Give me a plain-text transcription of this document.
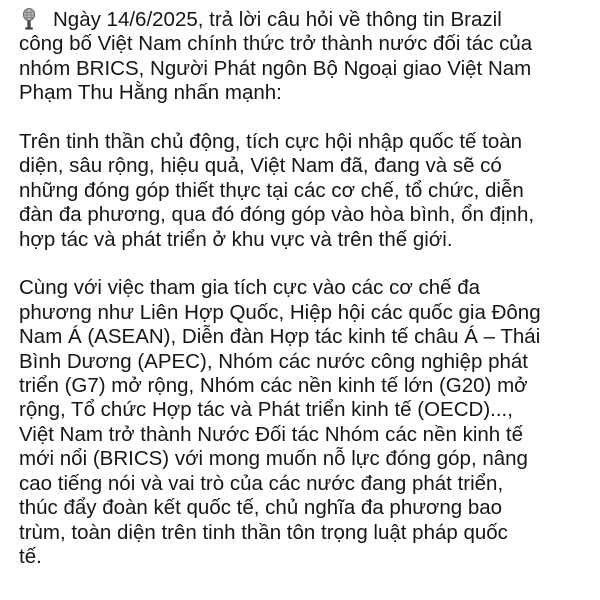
Ngày 14/6/2025, trả lời câu hỏi về thông tin Brazil
công bố Việt Nam chính thức trở thành nước đối tác của
nhóm BRICS, Người Phát ngôn Bộ Ngoại giao Việt Nam
Phạm Thu Hằng nhấn mạnh:

Trên tinh thần chủ động, tích cực hội nhập quốc tế toàn
diện, sâu rộng, hiệu quả, Việt Nam đã, đang và sẽ có
những đóng góp thiết thực tại các cơ chế, tổ chức, diễn
đàn đa phương, qua đó đóng góp vào hòa bình, ổn định,
hợp tác và phát triển ở khu vực và trên thế giới.

Cùng với việc tham gia tích cực vào các cơ chế đa
phương như Liên Hợp Quốc, Hiệp hội các quốc gia Đông
Nam Á (ASEAN), Diễn đàn Hợp tác kinh tế châu Á – Thái
Bình Dương (APEC), Nhóm các nước công nghiệp phát
triển (G7) mở rộng, Nhóm các nền kinh tế lớn (G20) mở
rộng, Tổ chức Hợp tác và Phát triển kinh tế (OECD)...,
Việt Nam trở thành Nước Đối tác Nhóm các nền kinh tế
mới nổi (BRICS) với mong muốn nỗ lực đóng góp, nâng
cao tiếng nói và vai trò của các nước đang phát triển,
thúc đẩy đoàn kết quốc tế, chủ nghĩa đa phương bao
trùm, toàn diện trên tinh thần tôn trọng luật pháp quốc
tế.
